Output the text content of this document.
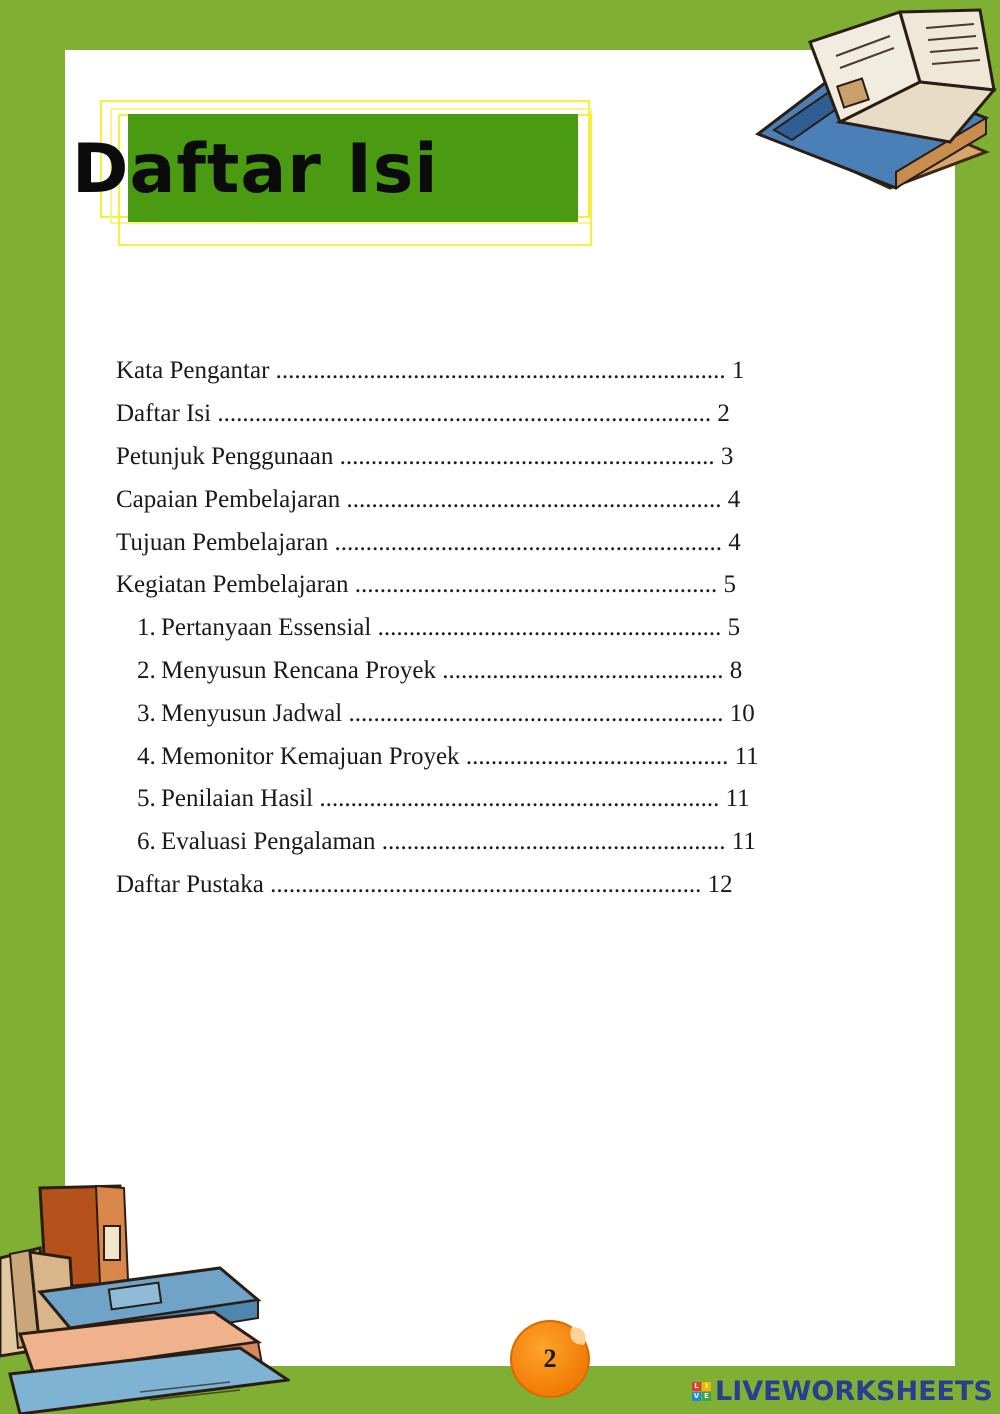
Daftar Isi
Kata Pengantar
........................................................................
1
Daftar Isi
...............................................................................
2
Petunjuk Penggunaan
............................................................
3
Capaian Pembelajaran
............................................................
4
Tujuan Pembelajaran
..............................................................
4
Kegiatan Pembelajaran
..........................................................
5
1. Pertanyaan Essensial
.......................................................
5
2. Menyusun Rencana Proyek
.............................................
8
3. Menyusun Jadwal
............................................................
10
4. Memonitor Kemajuan Proyek
..........................................
11
5. Penilaian Hasil
................................................................
11
6. Evaluasi Pengalaman
.......................................................
11
Daftar Pustaka
.....................................................................
12
2
L I
V E LIVEWORKSHEETS
